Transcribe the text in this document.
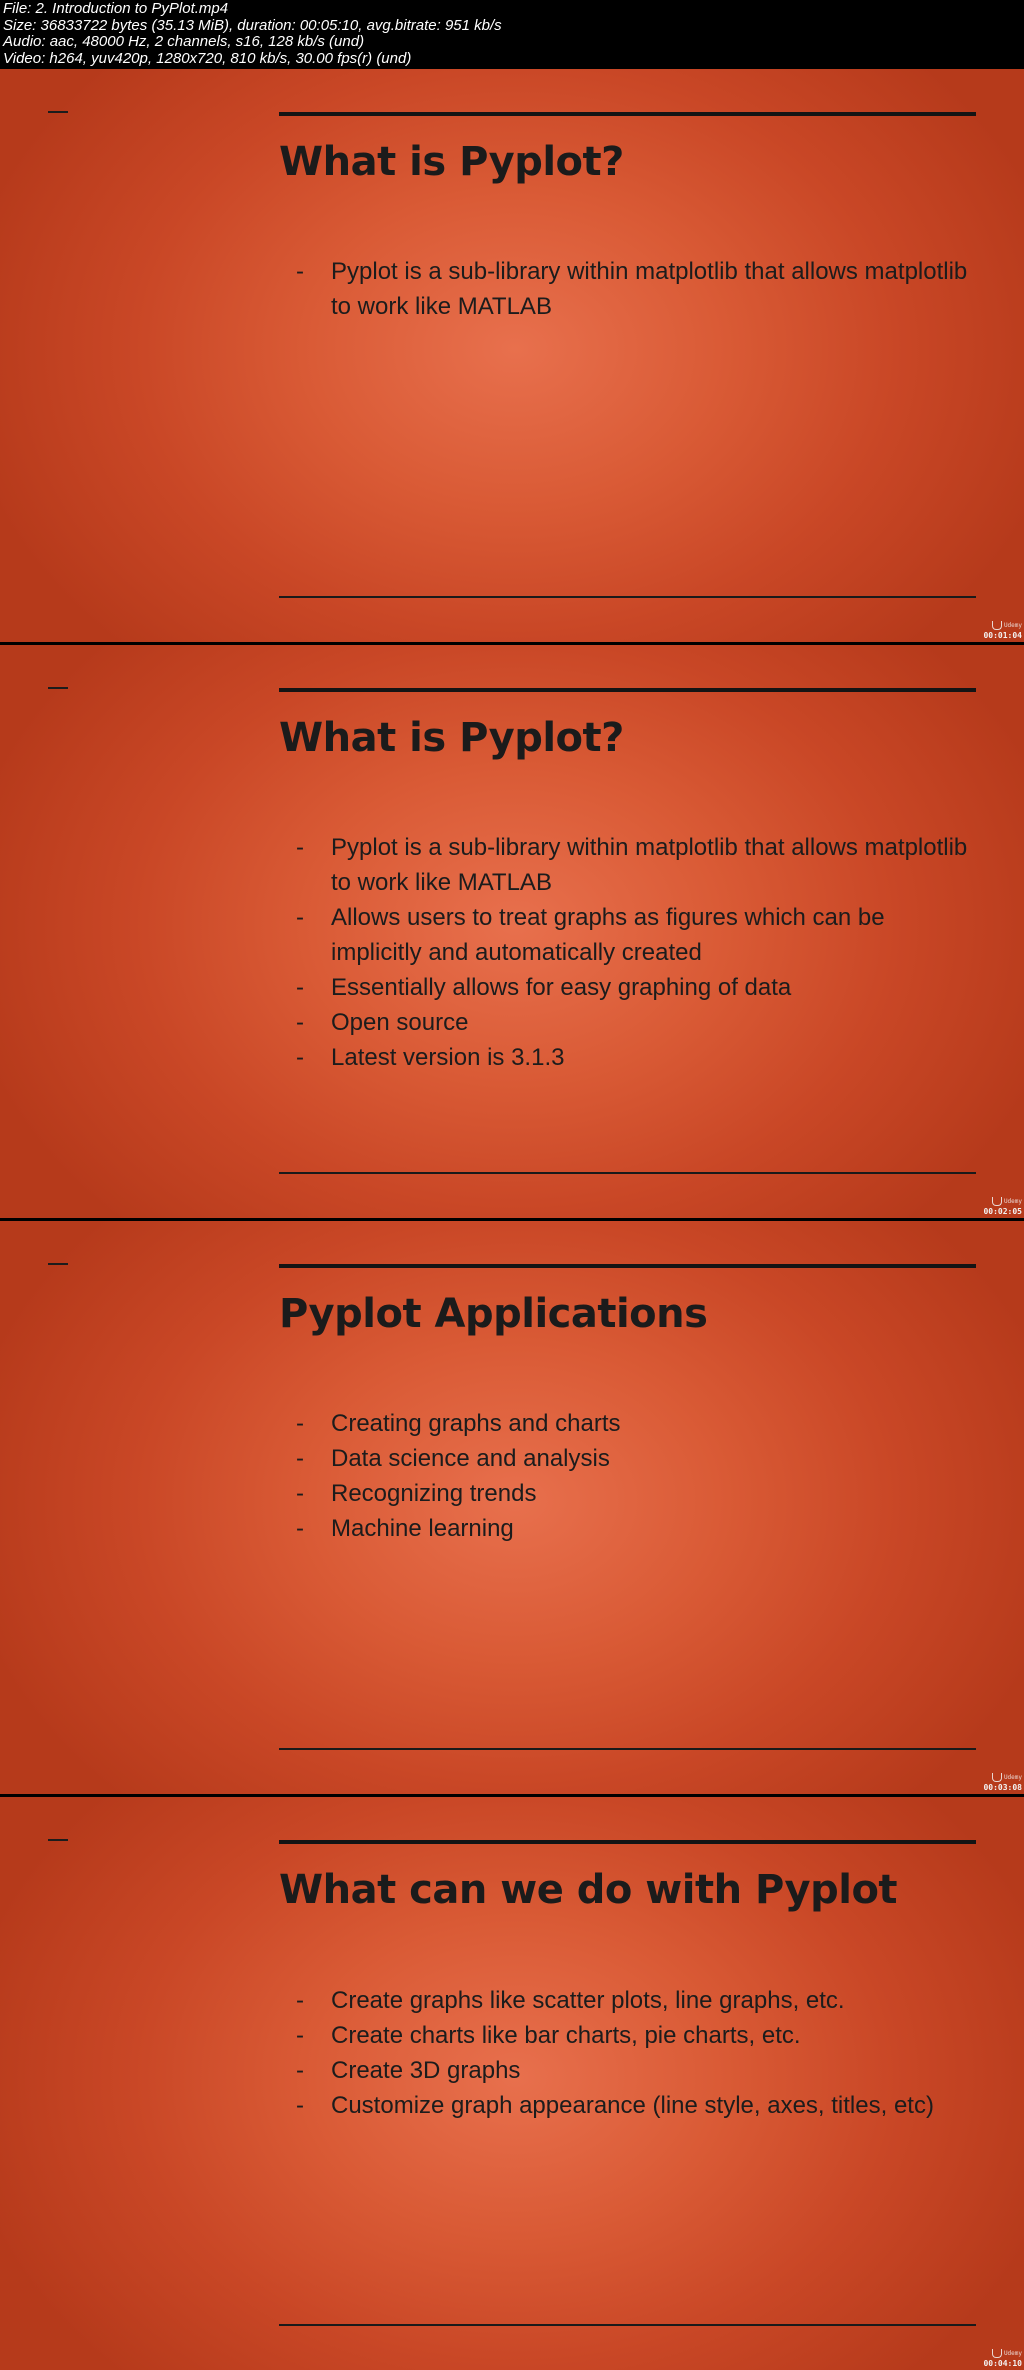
File: 2. Introduction to PyPlot.mp4
Size: 36833722 bytes (35.13 MiB), duration: 00:05:10, avg.bitrate: 951 kb/s
Audio: aac, 48000 Hz, 2 channels, s16, 128 kb/s (und)
Video: h264, yuv420p, 1280x720, 810 kb/s, 30.00 fps(r) (und)
What is Pyplot?
- Pyplot is a sub-library within matplotlib that allows matplotlib to work like MATLAB
Udemy
00:01:04
What is Pyplot?
- Pyplot is a sub-library within matplotlib that allows matplotlib to work like MATLAB
- Allows users to treat graphs as figures which can be implicitly and automatically created
- Essentially allows for easy graphing of data
- Open source
- Latest version is 3.1.3
Udemy
00:02:05
Pyplot Applications
- Creating graphs and charts
- Data science and analysis
- Recognizing trends
- Machine learning
Udemy
00:03:08
What can we do with Pyplot
- Create graphs like scatter plots, line graphs, etc.
- Create charts like bar charts, pie charts, etc.
- Create 3D graphs
- Customize graph appearance (line style, axes, titles, etc)
Udemy
00:04:10
